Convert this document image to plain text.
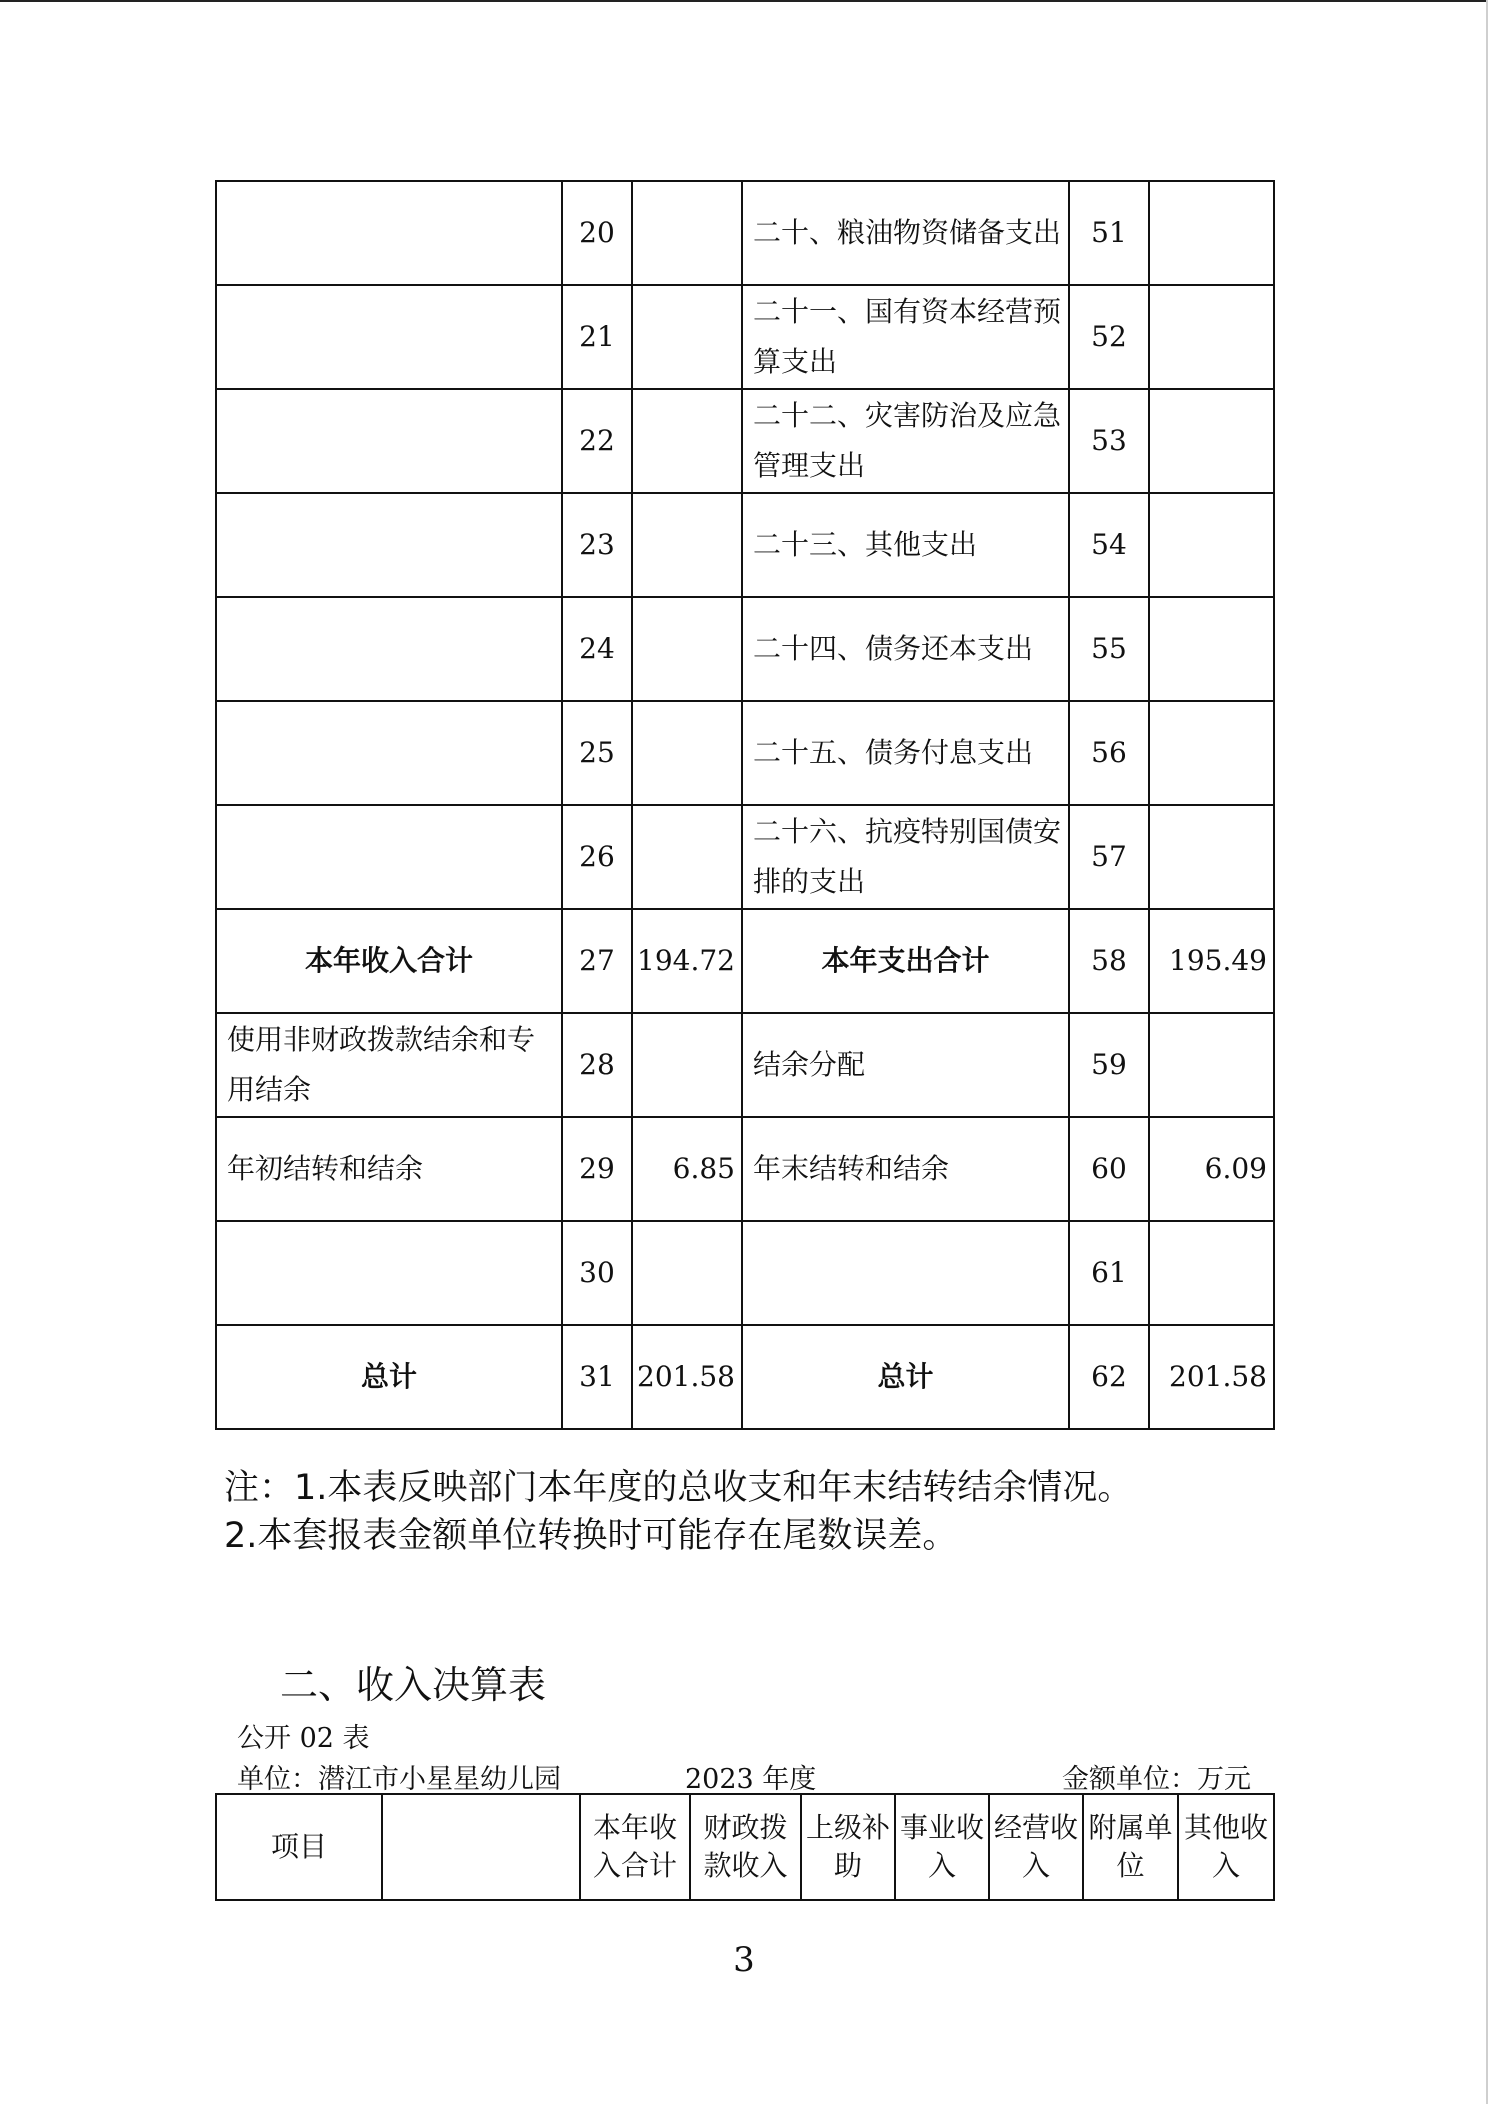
	20		二十、粮油物资储备支出	51	
	21		二十一、国有资本经营预算支出	52	
	22		二十二、灾害防治及应急管理支出	53	
	23		二十三、其他支出	54	
	24		二十四、债务还本支出	55	
	25		二十五、债务付息支出	56	
	26		二十六、抗疫特别国债安排的支出	57	
本年收入合计	27	194.72	本年支出合计	58	195.49
使用非财政拨款结余和专用结余	28		结余分配	59	
年初结转和结余	29	6.85	年末结转和结余	60	6.09
	30			61	
总计	31	201.58	总计	62	201.58
注：1.本表反映部门本年度的总收支和年末结转结余情况。
2.本套报表金额单位转换时可能存在尾数误差。
二、收入决算表
公开 02 表
单位：潜江市小星星幼儿园	2023 年度	金额单位：万元
项目		本年收入合计	财政拨款收入	上级补助	事业收入	经营收入	附属单位	其他收入
3
